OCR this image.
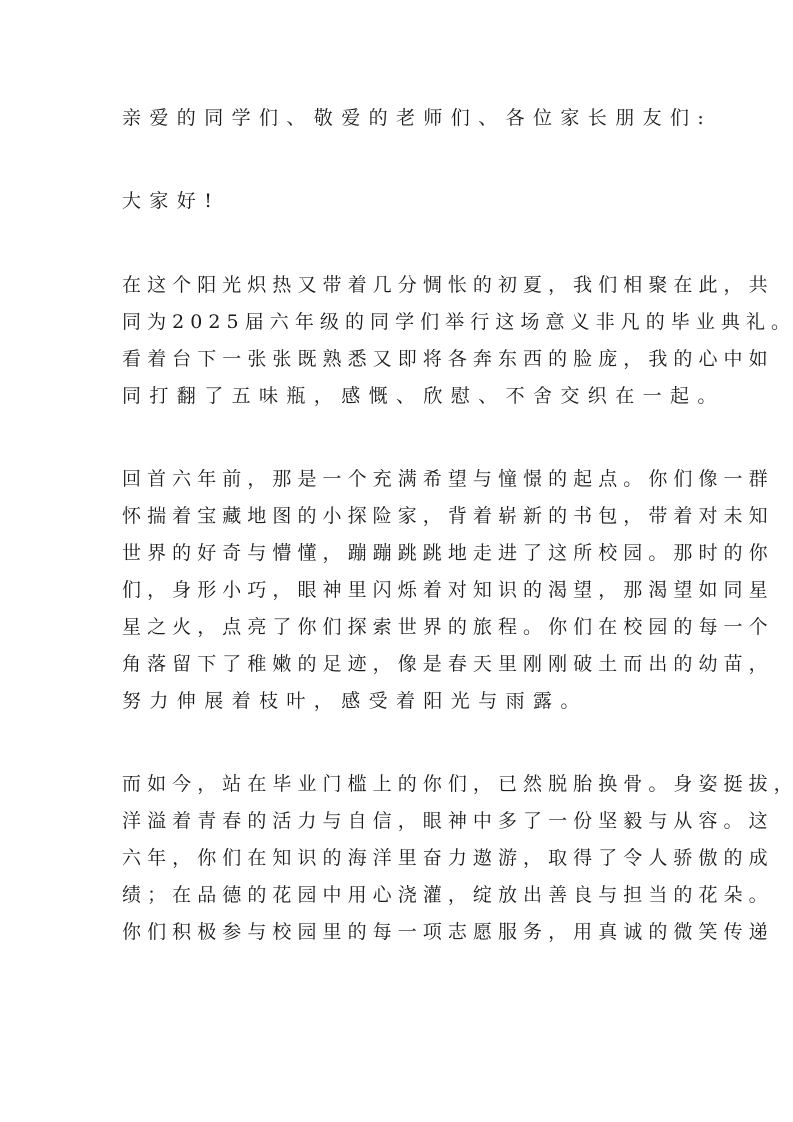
亲爱的同学们、敬爱的老师们、各位家长朋友们:
大家好!
在 这 个 阳 光 炽 热 又 带 着 几 分 惆 怅 的 初 夏 ， 我 们 相 聚 在 此 ， 共
同 为 2 0 2 5 届 六 年 级 的 同 学 们 举 行 这 场 意 义 非 凡 的 毕 业 典 礼 。
看 着 台 下 一 张 张 既 熟 悉 又 即 将 各 奔 东 西 的 脸 庞 ， 我 的 心 中 如
同打翻了五味瓶，感慨、欣慰、不舍交织在一起。
回 首 六 年 前 ， 那 是 一 个 充 满 希 望 与 憧 憬 的 起 点 。 你 们 像 一 群
怀 揣 着 宝 藏 地 图 的 小 探 险 家 ， 背 着 崭 新 的 书 包 ， 带 着 对 未 知
世 界 的 好 奇 与 懵 懂 ， 蹦 蹦 跳 跳 地 走 进 了 这 所 校 园 。 那 时 的 你
们 ， 身 形 小 巧 ， 眼 神 里 闪 烁 着 对 知 识 的 渴 望 ， 那 渴 望 如 同 星
星 之 火 ， 点 亮 了 你 们 探 索 世 界 的 旅 程 。 你 们 在 校 园 的 每 一 个
角 落 留 下 了 稚 嫩 的 足 迹 ， 像 是 春 天 里 刚 刚 破 土 而 出 的 幼 苗 ，
努力伸展着枝叶，感受着阳光与雨露。
而 如 今 ， 站 在 毕 业 门 槛 上 的 你 们 ， 已 然 脱 胎 换 骨 。 身 姿 挺 拔 ，
洋 溢 着 青 春 的 活 力 与 自 信 ， 眼 神 中 多 了 一 份 坚 毅 与 从 容 。 这
六 年 ， 你 们 在 知 识 的 海 洋 里 奋 力 遨 游 ， 取 得 了 令 人 骄 傲 的 成
绩 ； 在 品 德 的 花 园 中 用 心 浇 灌 ， 绽 放 出 善 良 与 担 当 的 花 朵 。
你 们 积 极 参 与 校 园 里 的 每 一 项 志 愿 服 务 ， 用 真 诚 的 微 笑 传 递
